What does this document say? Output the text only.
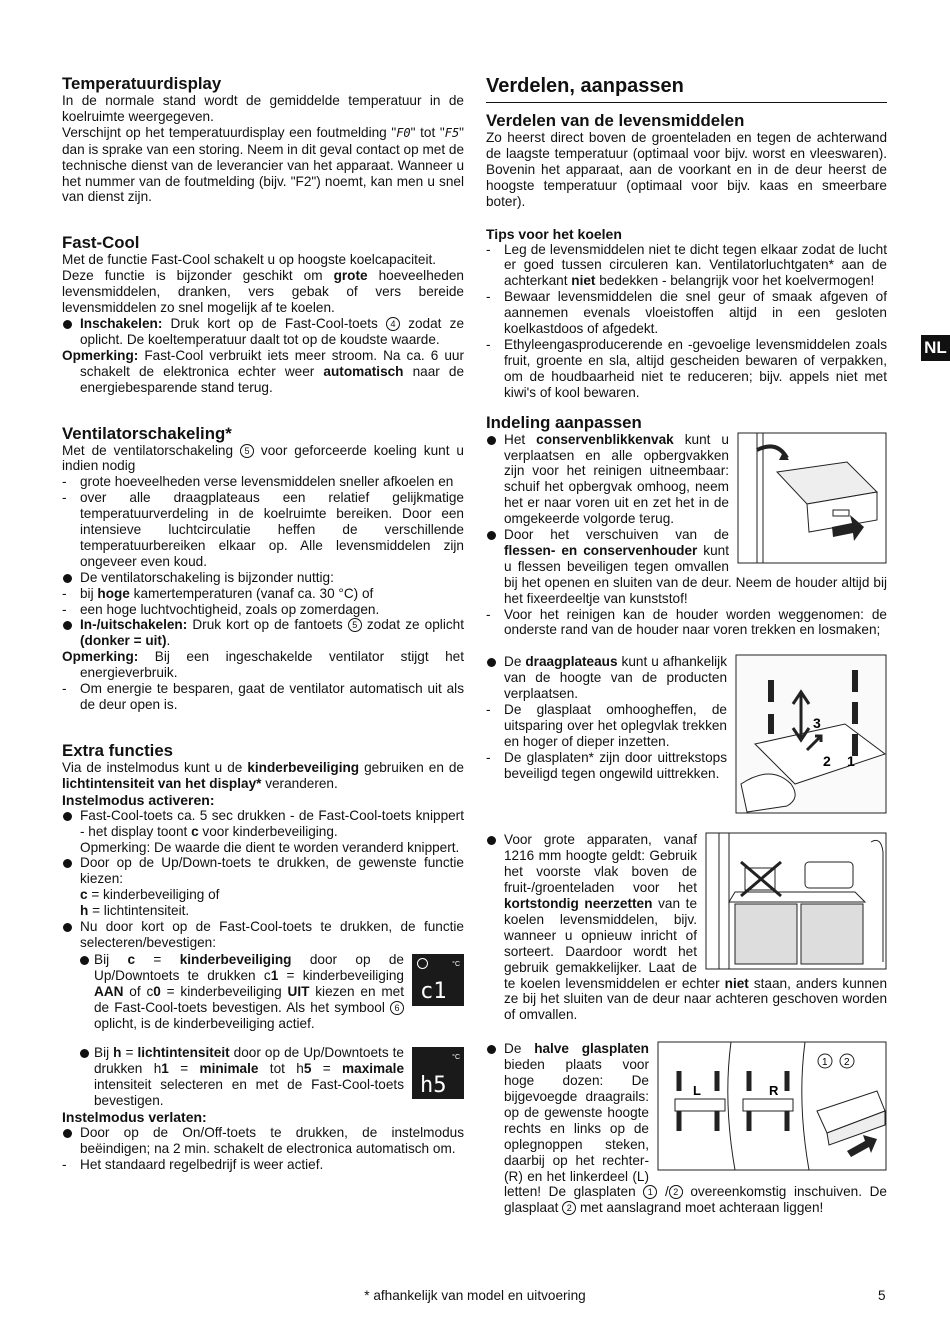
Temperatuurdisplay

In de normale stand wordt de gemiddelde temperatuur in de koelruimte weergegeven.

Verschijnt op het temperatuurdisplay een foutmelding "F0" tot "F5" dan is sprake van een storing. Neem in dit geval contact op met de technische dienst van de leverancier van het apparaat. Wanneer u het nummer van de foutmelding (bijv. "F2") noemt, kan men u snel van dienst zijn.

Fast-Cool

Met de functie Fast-Cool schakelt u op hoogste koelcapaciteit.

Deze functie is bijzonder geschikt om grote hoeveelheden levensmiddelen, dranken, vers gebak of vers bereide levensmiddelen zo snel mogelijk af te koelen.

Inschakelen: Druk kort op de Fast-Cool-toets 4 zodat ze oplicht. De koeltemperatuur daalt tot op de koudste waarde.

Opmerking: Fast-Cool verbruikt iets meer stroom. Na ca. 6 uur schakelt de elektronica echter weer automatisch naar de energiebesparende stand terug.

Ventilatorschakeling*

Met de ventilatorschakeling 5 voor geforceerde koeling kunt u indien nodig

- grote hoeveelheden verse levensmiddelen sneller afkoelen en
- over alle draagplateaus een relatief gelijkmatige temperatuurverdeling in de koelruimte bereiken. Door een intensieve luchtcirculatie heffen de verschillende temperatuurbereiken elkaar op. Alle levensmiddelen zijn ongeveer even koud.
De ventilatorschakeling is bijzonder nuttig:
- bij hoge kamertemperaturen (vanaf ca. 30 °C) of
- een hoge luchtvochtigheid, zoals op zomerdagen.
In-/uitschakelen: Druk kort op de fantoets 5 zodat ze oplicht (donker = uit).

Opmerking: Bij een ingeschakelde ventilator stijgt het energieverbruik.

- Om energie te besparen, gaat de ventilator automatisch uit als de deur open is.
Extra functies

Via de instelmodus kunt u de kinderbeveiliging gebruiken en de lichtintensiteit van het display* veranderen.

Instelmodus activeren:
Fast-Cool-toets ca. 5 sec drukken - de Fast-Cool-toets knippert - het display toont c voor kinderbeveiliging.
Opmerking: De waarde die dient te worden veranderd knippert.
Door op de Up/Down-toets te drukken, de gewenste functie kiezen:
c = kinderbeveiliging of
h = lichtintensiteit.
Nu door kort op de Fast-Cool-toets te drukken, de functie selecteren/bevestigen:
°C
c1
Bij c = kinderbeveiliging door op de Up/Downtoets te drukken c1 = kinderbeveiliging AAN of c0 = kinderbeveiliging UIT kiezen en met de Fast-Cool-toets bevestigen. Als het symbool 6 oplicht, is de kinderbeveiliging actief.
°C
h5
Bij h = lichtintensiteit door op de Up/Downtoets te drukken h1 = minimale tot h5 = maximale intensiteit selecteren en met de Fast-Cool-toets bevestigen.
Instelmodus verlaten:
Door op de On/Off-toets te drukken, de instelmodus beëindigen; na 2 min. schakelt de electronica automatisch om.
- Het standaard regelbedrijf is weer actief.
Verdelen, aanpassen
Verdelen van de levensmiddelen

Zo heerst direct boven de groenteladen en tegen de achterwand de laagste temperatuur (optimaal voor bijv. worst en vleeswaren). Bovenin het apparaat, aan de voorkant en in de deur heerst de hoogste temperatuur (optimaal voor bijv. kaas en smeerbare boter).

Tips voor het koelen
- Leg de levensmiddelen niet te dicht tegen elkaar zodat de lucht er goed tussen circuleren kan. Ventilatorluchtgaten* aan de achterkant niet bedekken - belangrijk voor het koelvermogen!
- Bewaar levensmiddelen die snel geur of smaak afgeven of aannemen evenals vloeistoffen altijd in een gesloten koelkastdoos of afgedekt.
- Ethyleengasproducerende en -gevoelige levensmiddelen zoals fruit, groente en sla, altijd gescheiden bewaren of verpakken, om de houdbaarheid niet te reduceren; bijv. appels niet met kiwi's of kool bewaren.
Indeling aanpassen
Het conservenblikkenvak kunt u verplaatsen en alle opbergvakken zijn voor het reinigen uitneembaar: schuif het opbergvak omhoog, neem het er naar voren uit en zet het in de omgekeerde volgorde terug.
Door het verschuiven van de flessen- en conservenhouder kunt u flessen beveiligen tegen omvallen bij het openen en sluiten van de deur. Neem de houder altijd bij het fixeerdeeltje van kunststof!
- Voor het reinigen kan de houder worden weggenomen: de onderste rand van de houder naar voren trekken en losmaken;
3
2 1
De draagplateaus kunt u afhankelijk van de hoogte van de producten verplaatsen.
- De glasplaat omhoogheffen, de uitsparing over het oplegvlak trekken en hoger of dieper inzetten.
- De glasplaten* zijn door uittrekstops beveiligd tegen ongewild uittrekken.
Voor grote apparaten, vanaf 1216 mm hoogte geldt: Gebruik het voorste vlak boven de fruit-/groenteladen voor het kortstondig neerzetten van te koelen levensmiddelen, bijv. wanneer u opnieuw inricht of sorteert. Daardoor wordt het gebruik gemakkelijker. Laat de te koelen levensmiddelen er echter niet staan, anders kunnen ze bij het sluiten van de deur naar achteren geschoven worden of omvallen.
L	R
1 2
De halve glasplaten bieden plaats voor hoge dozen: De bijgevoegde draagrails: op de gewenste hoogte rechts en links op de oplegnoppen steken, daarbij op het rechter- (R) en het linkerdeel (L) letten! De glasplaten 1 / 2 overeenkomstig inschuiven. De glasplaat 2 met aanslagrand moet achteraan liggen!
NL
* afhankelijk van model en uitvoering	5
